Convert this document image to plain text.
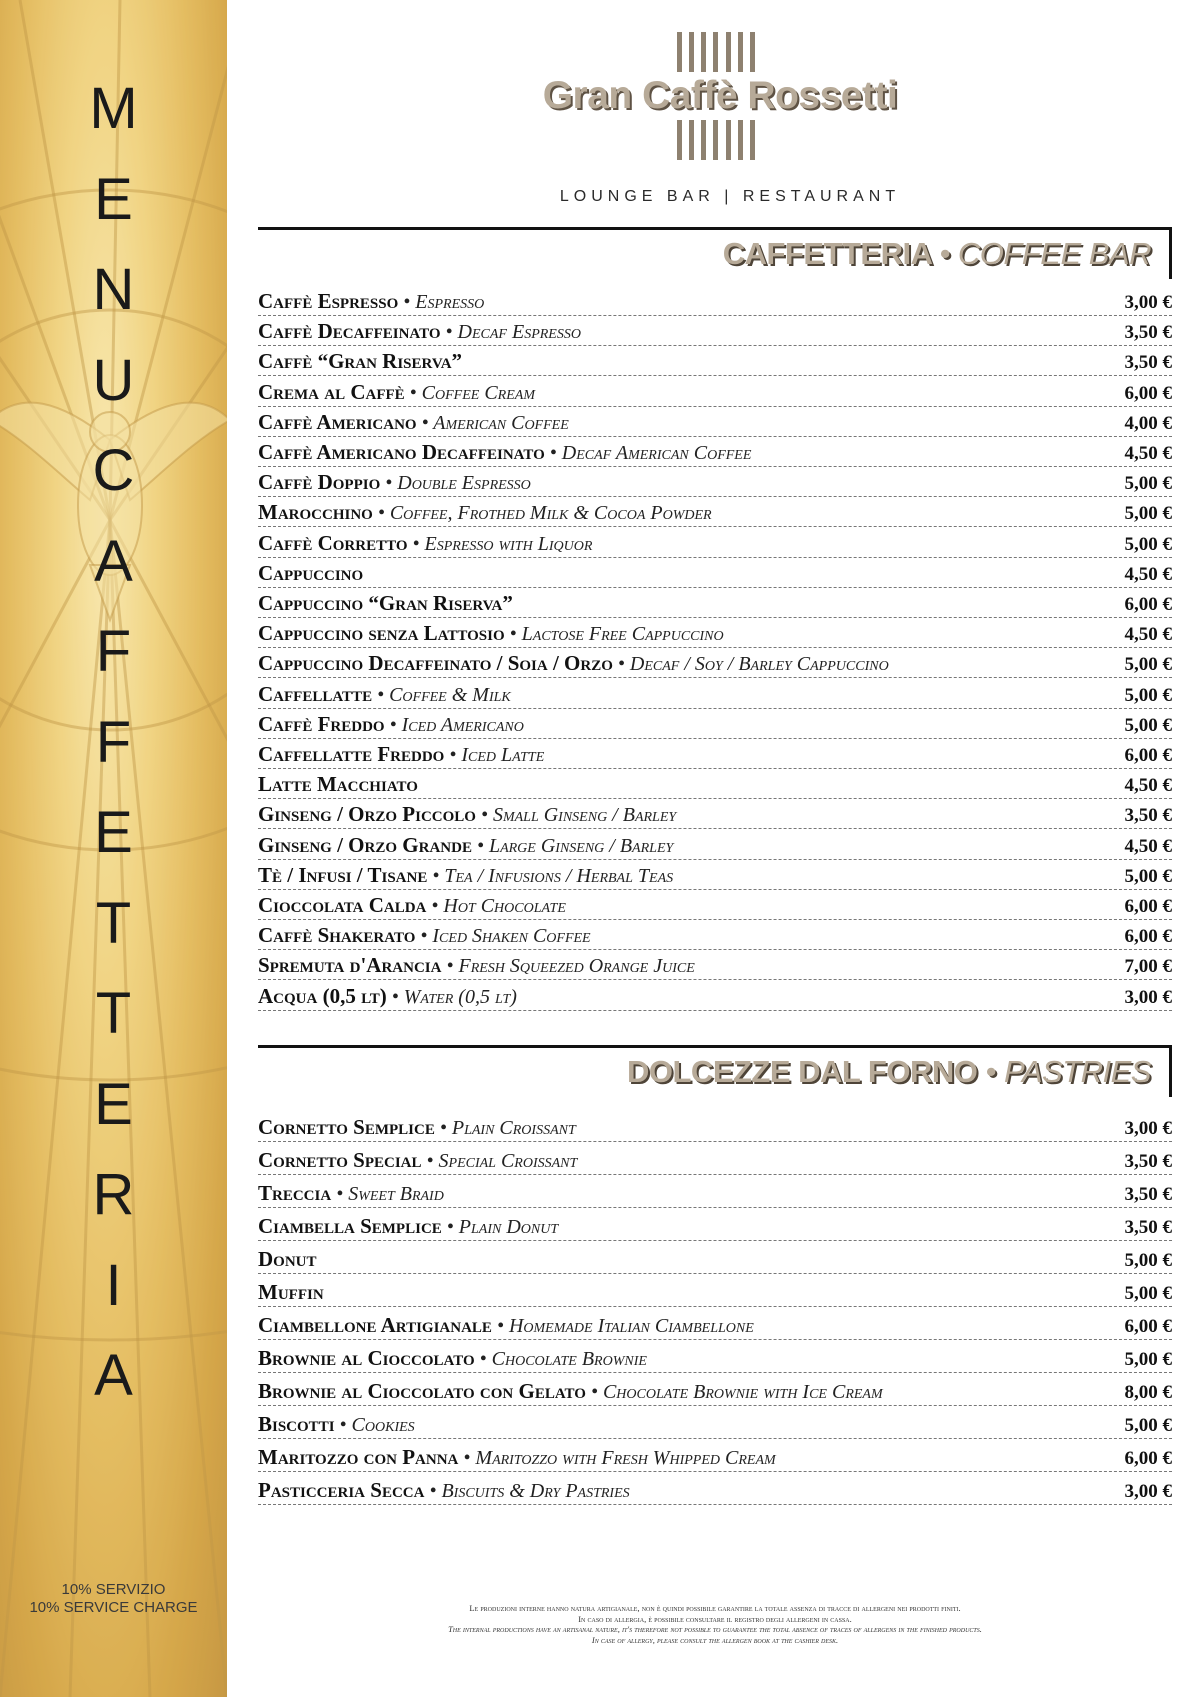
M
E
N
U
C
A
F
F
E
T
T
E
R
I
A
10% SERVIZIO
10% SERVICE CHARGE
Gran Caffè Rossetti
LOUNGE BAR | RESTAURANT
CAFFETTERIA • COFFEE BAR
Caffè Espresso • Espresso	3,00 €
Caffè Decaffeinato • Decaf Espresso	3,50 €
Caffè “Gran Riserva”	3,50 €
Crema al Caffè • Coffee Cream	6,00 €
Caffè Americano • American Coffee	4,00 €
Caffè Americano Decaffeinato • Decaf American Coffee	4,50 €
Caffè Doppio • Double Espresso	5,00 €
Marocchino • Coffee, Frothed Milk & Cocoa Powder	5,00 €
Caffè Corretto • Espresso with Liquor	5,00 €
Cappuccino	4,50 €
Cappuccino “Gran Riserva”	6,00 €
Cappuccino senza Lattosio • Lactose Free Cappuccino	4,50 €
Cappuccino Decaffeinato / Soia / Orzo • Decaf / Soy / Barley Cappuccino	5,00 €
Caffellatte • Coffee & Milk	5,00 €
Caffè Freddo • Iced Americano	5,00 €
Caffellatte Freddo • Iced Latte	6,00 €
Latte Macchiato	4,50 €
Ginseng / Orzo Piccolo • Small Ginseng / Barley	3,50 €
Ginseng / Orzo Grande • Large Ginseng / Barley	4,50 €
Tè / Infusi / Tisane • Tea / Infusions / Herbal Teas	5,00 €
Cioccolata Calda • Hot Chocolate	6,00 €
Caffè Shakerato • Iced Shaken Coffee	6,00 €
Spremuta d'Arancia • Fresh Squeezed Orange Juice	7,00 €
Acqua (0,5 lt) • Water (0,5 lt)	3,00 €
DOLCEZZE DAL FORNO • PASTRIES
Cornetto Semplice • Plain Croissant	3,00 €
Cornetto Special • Special Croissant	3,50 €
Treccia • Sweet Braid	3,50 €
Ciambella Semplice • Plain Donut	3,50 €
Donut	5,00 €
Muffin	5,00 €
Ciambellone Artigianale • Homemade Italian Ciambellone	6,00 €
Brownie al Cioccolato • Chocolate Brownie	5,00 €
Brownie al Cioccolato con Gelato • Chocolate Brownie with Ice Cream	8,00 €
Biscotti • Cookies	5,00 €
Maritozzo con Panna • Maritozzo with Fresh Whipped Cream	6,00 €
Pasticceria Secca • Biscuits & Dry Pastries	3,00 €
Le produzioni interne hanno natura artigianale, non è quindi possibile garantire la totale assenza di tracce di allergeni nei prodotti finiti.
In caso di allergia, è possibile consultare il registro degli allergeni in cassa.
The internal productions have an artisanal nature, it's therefore not possible to guarantee the total absence of traces of allergens in the finished products.
In case of allergy, please consult the allergen book at the cashier desk.
